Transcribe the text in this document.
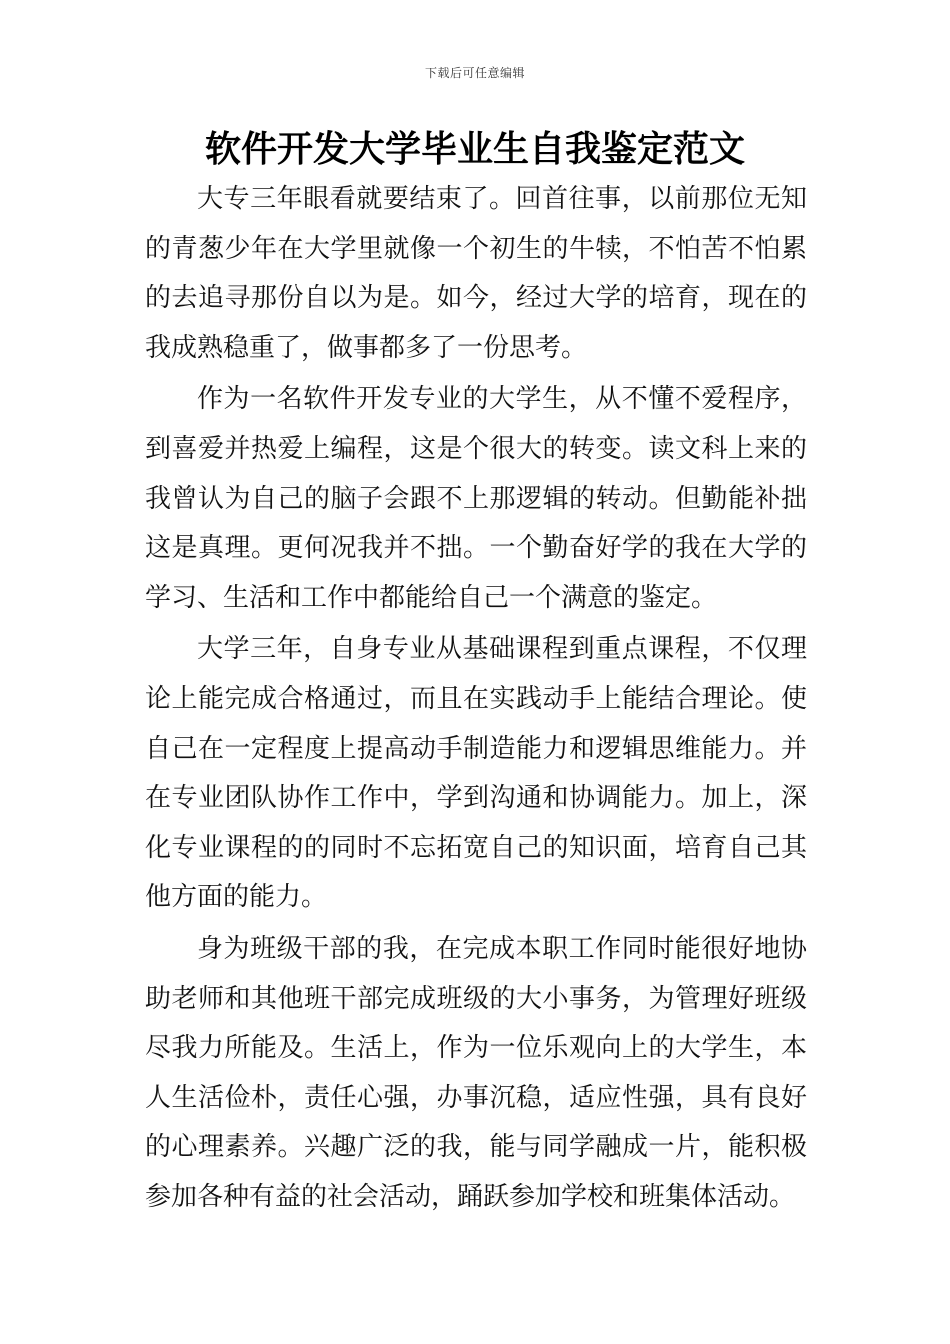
下载后可任意编辑
软件开发大学毕业生自我鉴定范文

大专三年眼看就要结束了。回首往事，以前那位无知的青葱少年在大学里就像一个初生的牛犊，不怕苦不怕累的去追寻那份自以为是。如今，经过大学的培育，现在的我成熟稳重了，做事都多了一份思考。

作为一名软件开发专业的大学生，从不懂不爱程序，到喜爱并热爱上编程，这是个很大的转变。读文科上来的我曾认为自己的脑子会跟不上那逻辑的转动。但勤能补拙这是真理。更何况我并不拙。一个勤奋好学的我在大学的学习、生活和工作中都能给自己一个满意的鉴定。

大学三年，自身专业从基础课程到重点课程，不仅理论上能完成合格通过，而且在实践动手上能结合理论。使自己在一定程度上提高动手制造能力和逻辑思维能力。并在专业团队协作工作中，学到沟通和协调能力。加上，深化专业课程的的同时不忘拓宽自己的知识面，培育自己其他方面的能力。

身为班级干部的我，在完成本职工作同时能很好地协助老师和其他班干部完成班级的大小事务，为管理好班级尽我力所能及。生活上，作为一位乐观向上的大学生，本人生活俭朴，责任心强，办事沉稳，适应性强，具有良好的心理素养。兴趣广泛的我，能与同学融成一片，能积极参加各种有益的社会活动，踊跃参加学校和班集体活动。
